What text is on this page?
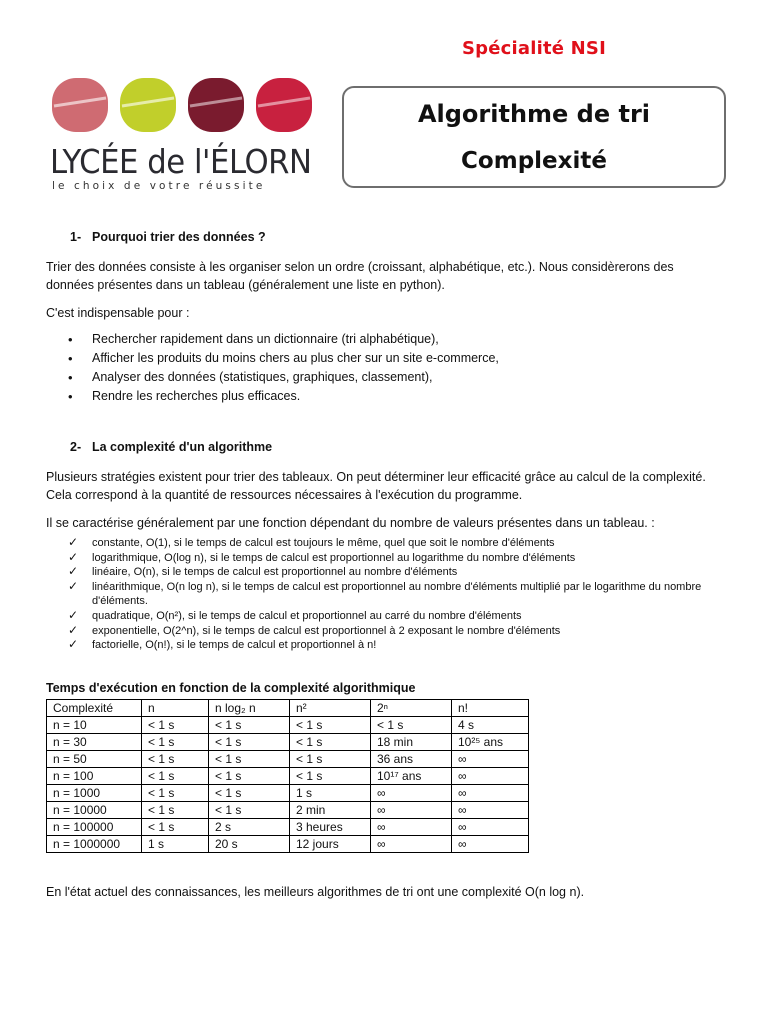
Spécialité NSI
LYCÉE de l'ÉLORN
le choix de votre réussite
Algorithme de tri
Complexité
1- Pourquoi trier des données ?

Trier des données consiste à les organiser selon un ordre (croissant, alphabétique, etc.). Nous considèrerons des données présentes dans un tableau (généralement une liste en python).

C'est indispensable pour :

• Rechercher rapidement dans un dictionnaire (tri alphabétique),
• Afficher les produits du moins chers au plus cher sur un site e-commerce,
• Analyser des données (statistiques, graphiques, classement),
• Rendre les recherches plus efficaces.
2- La complexité d'un algorithme

Plusieurs stratégies existent pour trier des tableaux. On peut déterminer leur efficacité grâce au calcul de la complexité. Cela correspond à la quantité de ressources nécessaires à l'exécution du programme.

Il se caractérise généralement par une fonction dépendant du nombre de valeurs présentes dans un tableau. :

✓ constante, O(1), si le temps de calcul est toujours le même, quel que soit le nombre d'éléments
✓ logarithmique, O(log n), si le temps de calcul est proportionnel au logarithme du nombre d'éléments
✓ linéaire, O(n), si le temps de calcul est proportionnel au nombre d'éléments
✓ linéarithmique, O(n log n), si le temps de calcul est proportionnel au nombre d'éléments multiplié par le logarithme du nombre d'éléments.
✓ quadratique, O(n²), si le temps de calcul et proportionnel au carré du nombre d'éléments
✓ exponentielle, O(2^n), si le temps de calcul est proportionnel à 2 exposant le nombre d'éléments
✓ factorielle, O(n!), si le temps de calcul et proportionnel à n!
Temps d'exécution en fonction de la complexité algorithmique
Complexité	n	n log₂ n	n²	2ⁿ	n!
n = 10	< 1 s	< 1 s	< 1 s	< 1 s	4 s
n = 30	< 1 s	< 1 s	< 1 s	18 min	10²⁵ ans
n = 50	< 1 s	< 1 s	< 1 s	36 ans	∞
n = 100	< 1 s	< 1 s	< 1 s	10¹⁷ ans	∞
n = 1000	< 1 s	< 1 s	1 s	∞	∞
n = 10000	< 1 s	< 1 s	2 min	∞	∞
n = 100000	< 1 s	2 s	3 heures	∞	∞
n = 1000000	1 s	20 s	12 jours	∞	∞

En l'état actuel des connaissances, les meilleurs algorithmes de tri ont une complexité O(n log n).
